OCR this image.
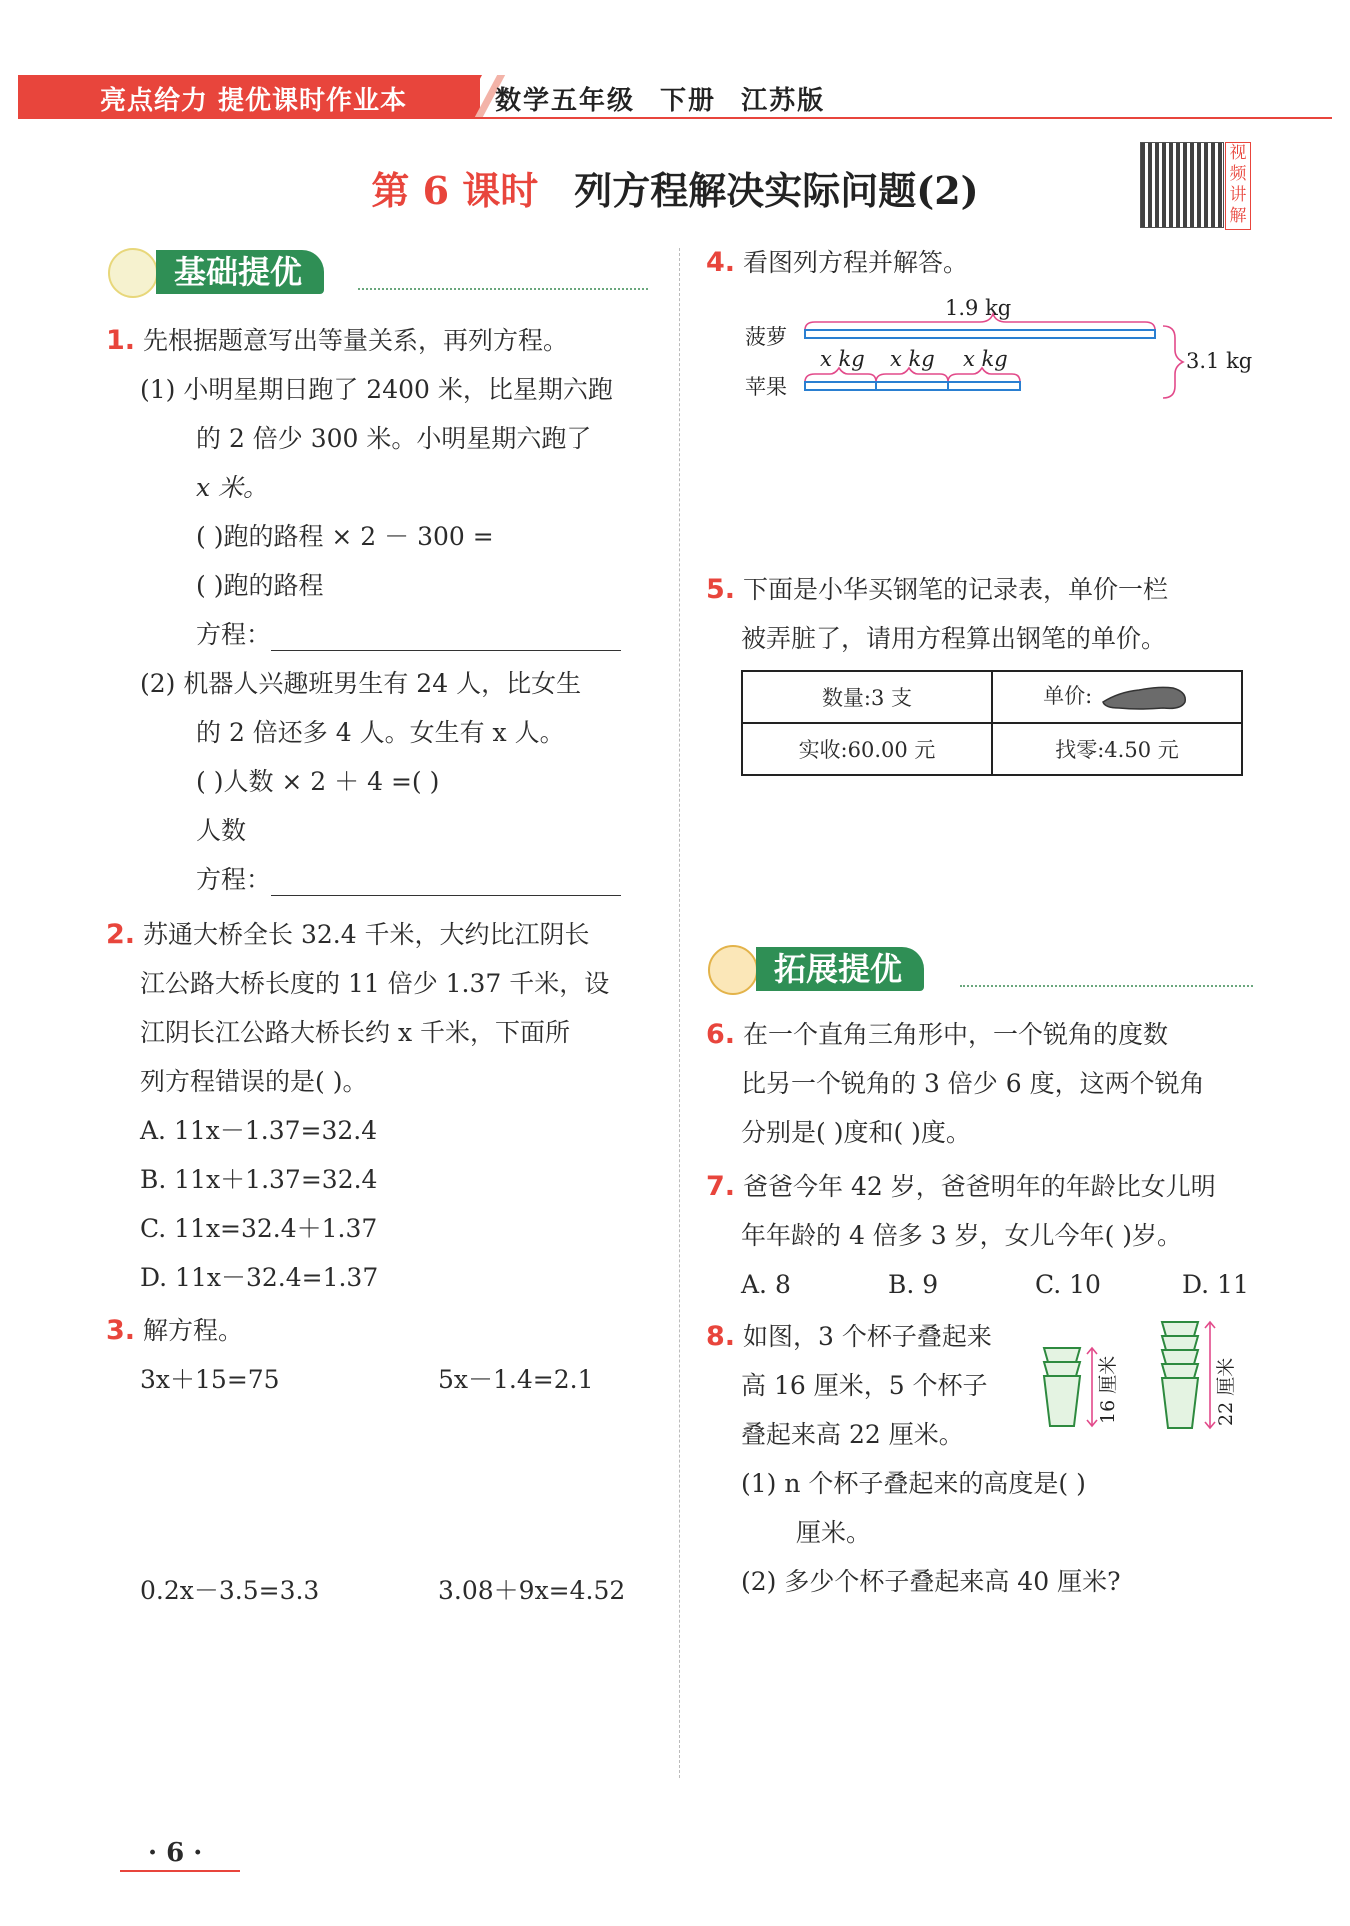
亮点给力 提优课时作业本	数学五年级 下册 江苏版
第 6 课时 列方程解决实际问题(2)
视频讲解
基础提优
1. 先根据题意写出等量关系，再列方程。
(1) 小明星期日跑了 2400 米，比星期六跑
的 2 倍少 300 米。小明星期六跑了
x 米。
( )跑的路程 × 2 － 300 =
( )跑的路程
方程：
(2) 机器人兴趣班男生有 24 人，比女生
的 2 倍还多 4 人。女生有 x 人。
( )人数 × 2 ＋ 4 =( )
人数
方程：
2. 苏通大桥全长 32.4 千米，大约比江阴长
江公路大桥长度的 11 倍少 1.37 千米，设
江阴长江公路大桥长约 x 千米，下面所
列方程错误的是( )。
A. 11x－1.37=32.4
B. 11x＋1.37=32.4
C. 11x=32.4＋1.37
D. 11x－32.4=1.37
3. 解方程。
3x＋15=75	5x－1.4=2.1
0.2x－3.5=3.3	3.08＋9x=4.52
4. 看图列方程并解答。
1.9 kg
菠萝
x kg x kg x kg
苹果
3.1 kg
5. 下面是小华买钢笔的记录表，单价一栏
被弄脏了，请用方程算出钢笔的单价。
数量:3 支	单价:
实收:60.00 元	找零:4.50 元
拓展提优
6. 在一个直角三角形中，一个锐角的度数
比另一个锐角的 3 倍少 6 度，这两个锐角
分别是( )度和( )度。
7. 爸爸今年 42 岁，爸爸明年的年龄比女儿明
年年龄的 4 倍多 3 岁，女儿今年( )岁。
A. 8	B. 9	C. 10	D. 11
8. 如图，3 个杯子叠起来
高 16 厘米，5 个杯子
叠起来高 22 厘米。
16 厘米	22 厘米
(1) n 个杯子叠起来的高度是( )
厘米。
(2) 多少个杯子叠起来高 40 厘米?
· 6 ·
